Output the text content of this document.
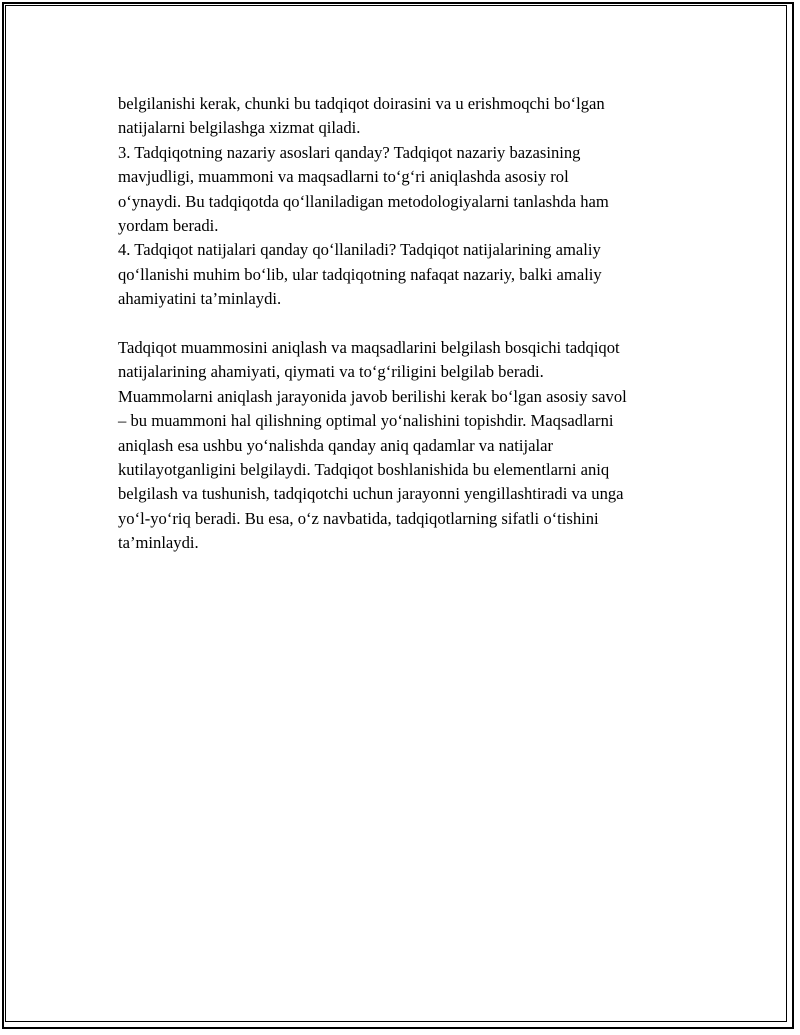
belgilanishi kerak, chunki bu tadqiqot doirasini va u erishmoqchi bo‘lgan
natijalarni belgilashga xizmat qiladi.
3. Tadqiqotning nazariy asoslari qanday? Tadqiqot nazariy bazasining
mavjudligi, muammoni va maqsadlarni to‘g‘ri aniqlashda asosiy rol
o‘ynaydi. Bu tadqiqotda qo‘llaniladigan metodologiyalarni tanlashda ham
yordam beradi.
4. Tadqiqot natijalari qanday qo‘llaniladi? Tadqiqot natijalarining amaliy
qo‘llanishi muhim bo‘lib, ular tadqiqotning nafaqat nazariy, balki amaliy
ahamiyatini ta’minlaydi.
Tadqiqot muammosini aniqlash va maqsadlarini belgilash bosqichi tadqiqot
natijalarining ahamiyati, qiymati va to‘g‘riligini belgilab beradi.
Muammolarni aniqlash jarayonida javob berilishi kerak bo‘lgan asosiy savol
– bu muammoni hal qilishning optimal yo‘nalishini topishdir. Maqsadlarni
aniqlash esa ushbu yo‘nalishda qanday aniq qadamlar va natijalar
kutilayotganligini belgilaydi. Tadqiqot boshlanishida bu elementlarni aniq
belgilash va tushunish, tadqiqotchi uchun jarayonni yengillashtiradi va unga
yo‘l-yo‘riq beradi. Bu esa, o‘z navbatida, tadqiqotlarning sifatli o‘tishini
ta’minlaydi.
